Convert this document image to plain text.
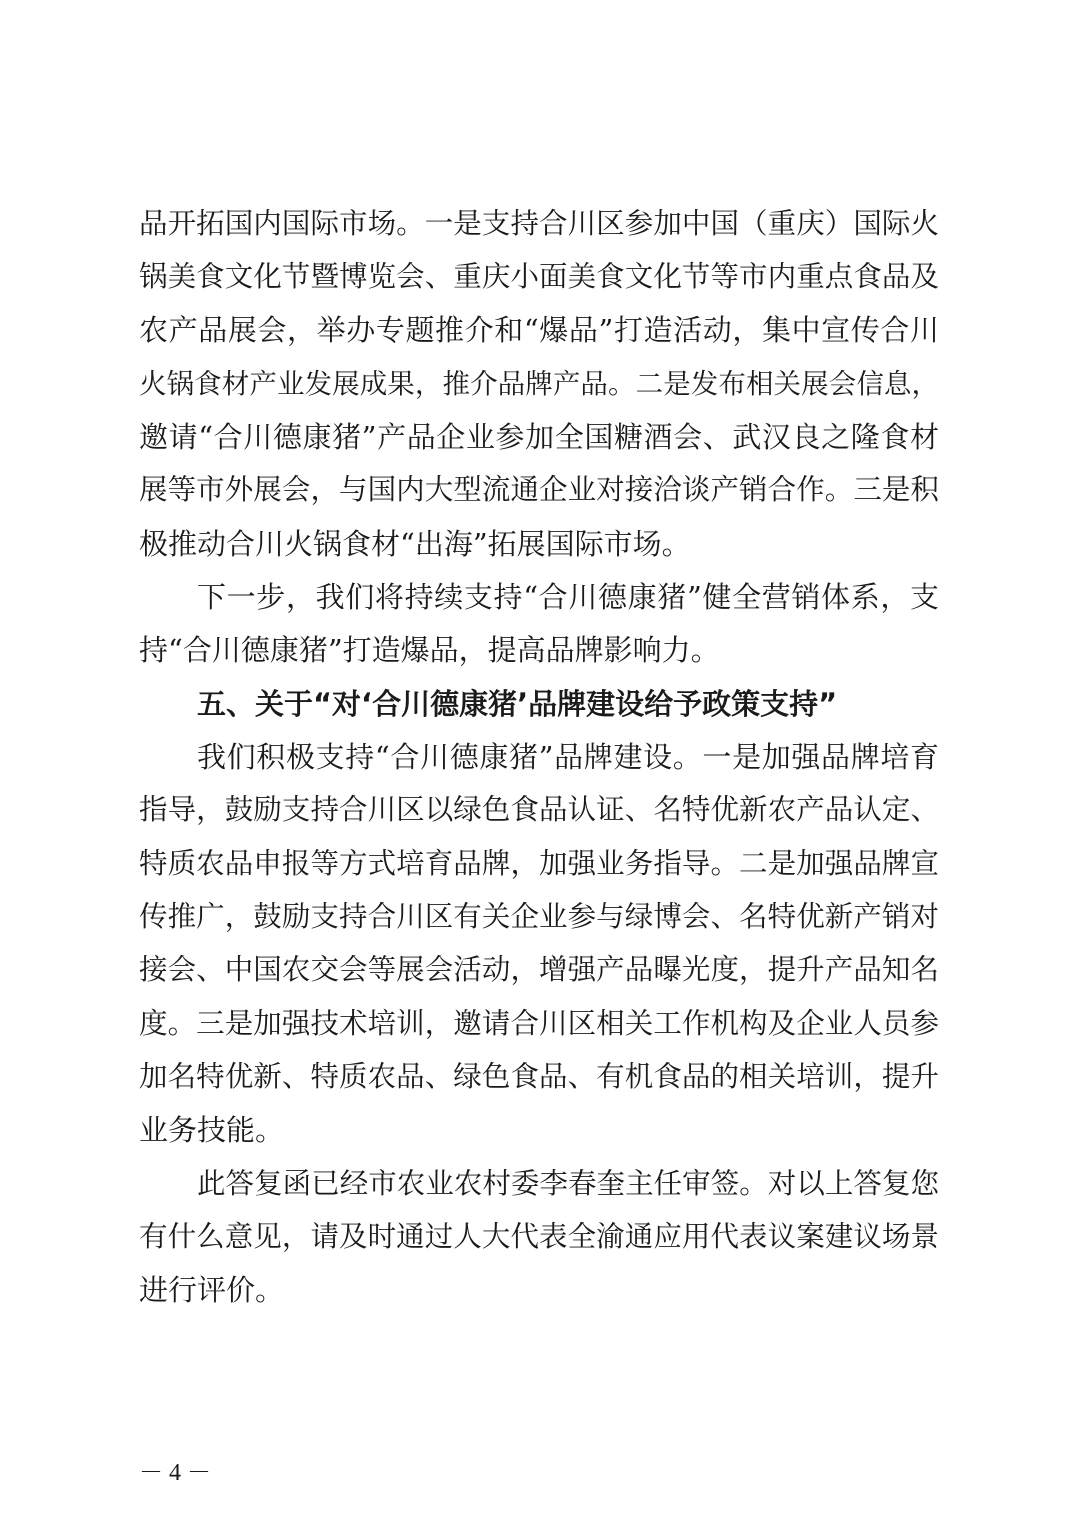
品开拓国内国际市场。一是支持合川区参加中国（重庆）国际火
锅美食文化节暨博览会、重庆小面美食文化节等市内重点食品及
农产品展会，举办专题推介和“爆品”打造活动，集中宣传合川
火锅食材产业发展成果，推介品牌产品。二是发布相关展会信息，
邀请“合川德康猪”产品企业参加全国糖酒会、武汉良之隆食材
展等市外展会，与国内大型流通企业对接洽谈产销合作。三是积
极推动合川火锅食材“出海”拓展国际市场。
下一步，我们将持续支持“合川德康猪”健全营销体系，支
持“合川德康猪”打造爆品，提高品牌影响力。
五、关于“对‘合川德康猪’品牌建设给予政策支持”
我们积极支持“合川德康猪”品牌建设。一是加强品牌培育
指导，鼓励支持合川区以绿色食品认证、名特优新农产品认定、
特质农品申报等方式培育品牌，加强业务指导。二是加强品牌宣
传推广，鼓励支持合川区有关企业参与绿博会、名特优新产销对
接会、中国农交会等展会活动，增强产品曝光度，提升产品知名
度。三是加强技术培训，邀请合川区相关工作机构及企业人员参
加名特优新、特质农品、绿色食品、有机食品的相关培训，提升
业务技能。
此答复函已经市农业农村委李春奎主任审签。对以上答复您
有什么意见，请及时通过人大代表全渝通应用代表议案建议场景
进行评价。
－ 4 －
